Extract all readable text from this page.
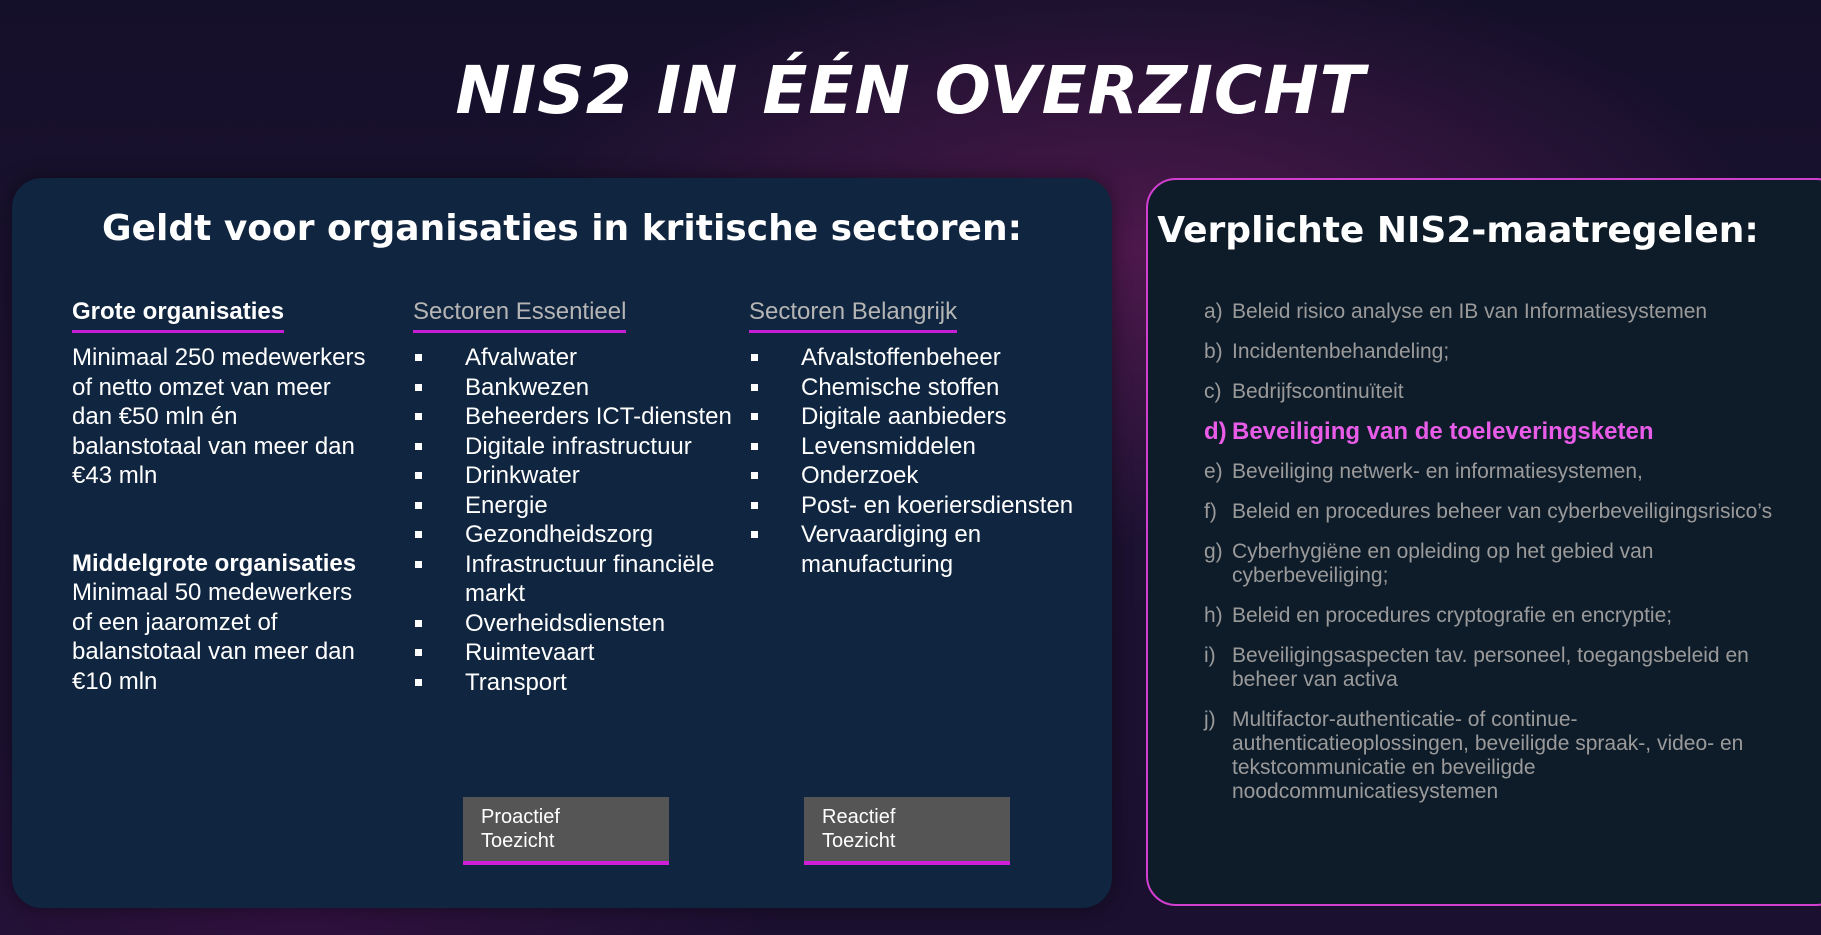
NIS2 IN ÉÉN OVERZICHT
Geldt voor organisaties in kritische sectoren:
Grote organisaties
Minimaal 250 medewerkers of netto omzet van meer dan €50 mln én balanstotaal van meer dan €43 mln
Middelgrote organisaties
Minimaal 50 medewerkers of een jaaromzet of balanstotaal van meer dan €10 mln
Sectoren Essentieel
Afvalwater
Bankwezen
Beheerders ICT-diensten
Digitale infrastructuur
Drinkwater
Energie
Gezondheidszorg
Infrastructuur financiële markt
Overheidsdiensten
Ruimtevaart
Transport
Sectoren Belangrijk
Afvalstoffenbeheer
Chemische stoffen
Digitale aanbieders
Levensmiddelen
Onderzoek
Post- en koeriersdiensten
Vervaardiging en manufacturing
Proactief
Toezicht
Reactief
Toezicht
Verplichte NIS2-maatregelen:
a) Beleid risico analyse en IB van Informatiesystemen
b) Incidentenbehandeling;
c) Bedrijfscontinuïteit
d) Beveiliging van de toeleveringsketen
e) Beveiliging netwerk- en informatiesystemen,
f) Beleid en procedures beheer van cyberbeveiligingsrisico’s
g) Cyberhygiëne en opleiding op het gebied van cyberbeveiliging;
h) Beleid en procedures cryptografie en encryptie;
i) Beveiligingsaspecten tav. personeel, toegangsbeleid en beheer van activa
j) Multifactor-authenticatie- of continue-authenticatieoplossingen, beveiligde spraak-, video- en tekstcommunicatie en beveiligde noodcommunicatiesystemen
